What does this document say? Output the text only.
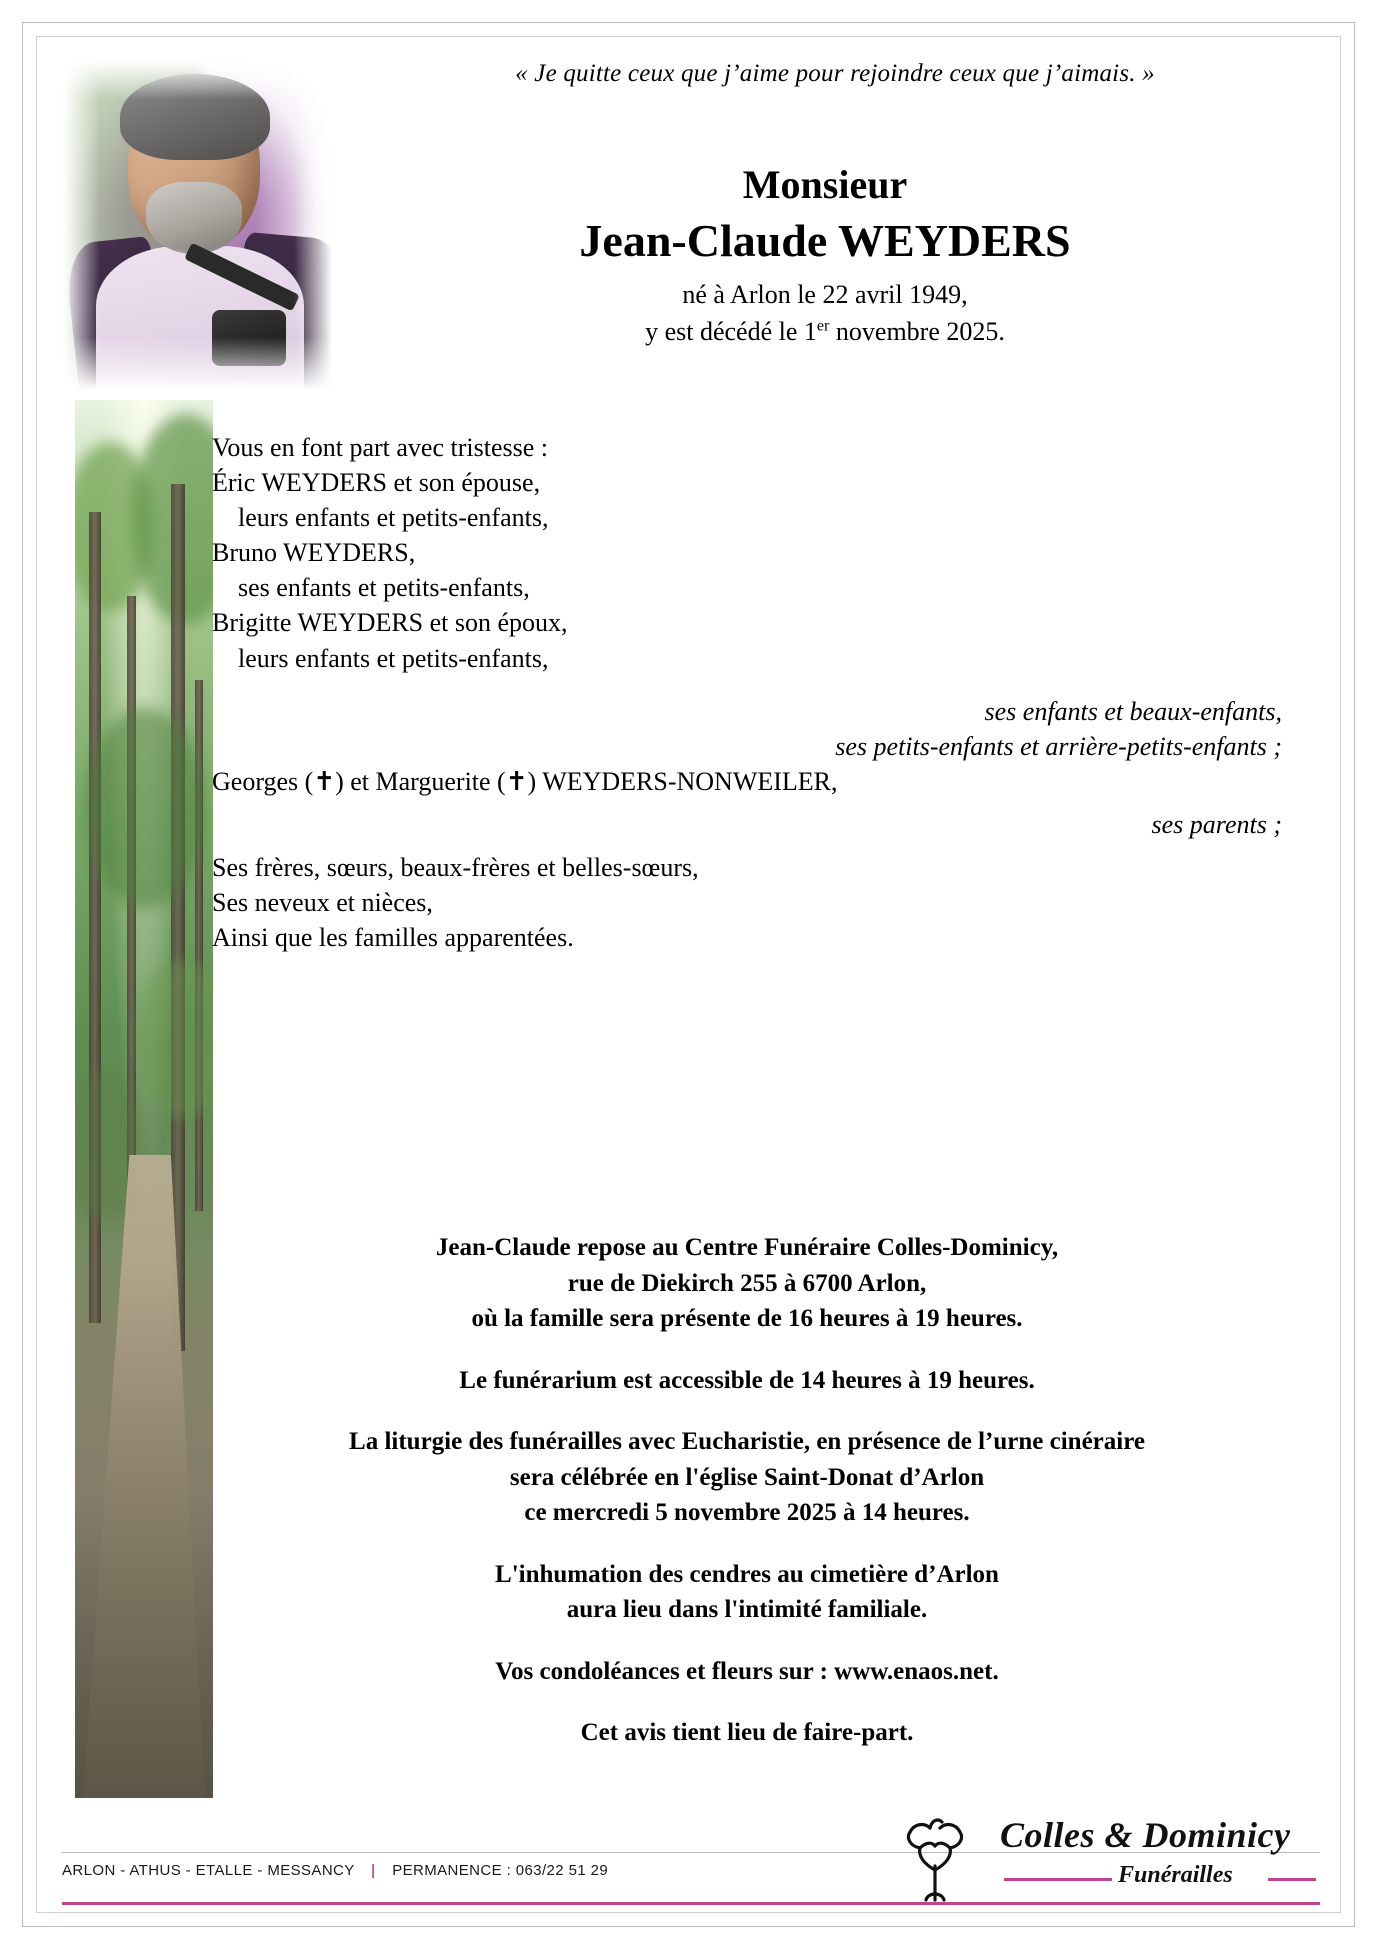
« Je quitte ceux que j’aime pour rejoindre ceux que j’aimais. »
Monsieur
Jean-Claude WEYDERS
né à Arlon le 22 avril 1949,
y est décédé le 1er novembre 2025.
Vous en font part avec tristesse :
Éric WEYDERS et son épouse,
leurs enfants et petits-enfants,
Bruno WEYDERS,
ses enfants et petits-enfants,
Brigitte WEYDERS et son époux,
leurs enfants et petits-enfants,
ses enfants et beaux-enfants,
ses petits-enfants et arrière-petits-enfants ;
Georges (✝) et Marguerite (✝) WEYDERS-NONWEILER,
ses parents ;
Ses frères, sœurs, beaux-frères et belles-sœurs,
Ses neveux et nièces,
Ainsi que les familles apparentées.
Jean-Claude repose au Centre Funéraire Colles-Dominicy,
rue de Diekirch 255 à 6700 Arlon,
où la famille sera présente de 16 heures à 19 heures.
Le funérarium est accessible de 14 heures à 19 heures.
La liturgie des funérailles avec Eucharistie, en présence de l’urne cinéraire
sera célébrée en l'église Saint-Donat d’Arlon
ce mercredi 5 novembre 2025 à 14 heures.
L'inhumation des cendres au cimetière d’Arlon
aura lieu dans l'intimité familiale.
Vos condoléances et fleurs sur : www.enaos.net.
Cet avis tient lieu de faire-part.
ARLON - ATHUS - ETALLE - MESSANCY | PERMANENCE : 063/22 51 29
Colles & Dominicy
Funérailles
